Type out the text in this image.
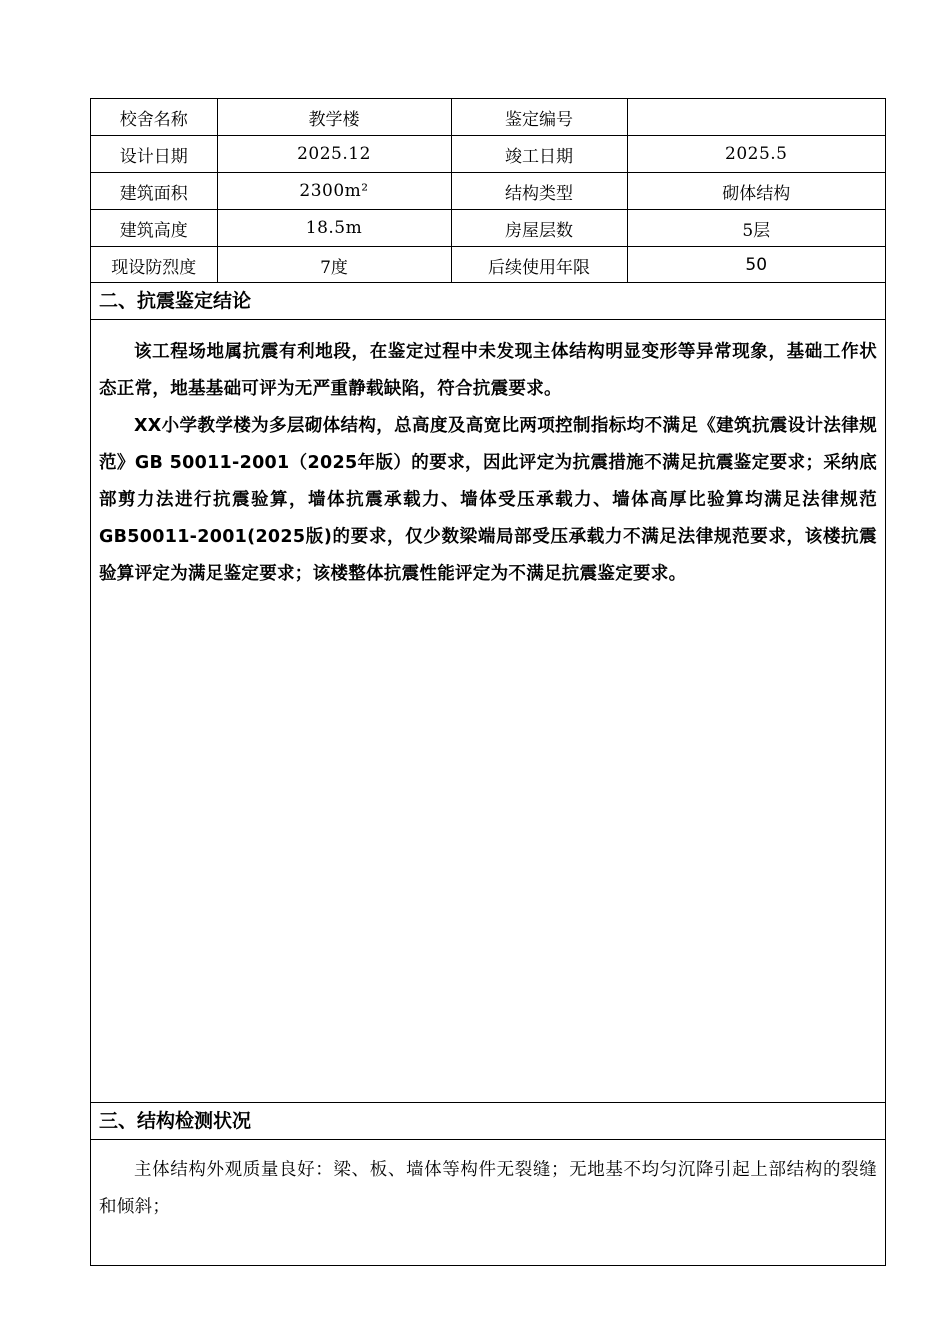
校舍名称	教学楼	鉴定编号	
设计日期	2025.12	竣工日期	2025.5
建筑面积	2300m²	结构类型	砌体结构
建筑高度	18.5m	房屋层数	5层
现设防烈度	7度	后续使用年限	50
二、抗震鉴定结论

该工程场地属抗震有利地段，在鉴定过程中未发现主体结构明显变形等异常现象，基础工作状态正常，地基基础可评为无严重静载缺陷，符合抗震要求。

XX小学教学楼为多层砌体结构，总高度及高宽比两项控制指标均不满足《建筑抗震设计法律规范》GB 50011-2001（2025年版）的要求，因此评定为抗震措施不满足抗震鉴定要求；采纳底部剪力法进行抗震验算，墙体抗震承载力、墙体受压承载力、墙体高厚比验算均满足法律规范GB50011-2001(2025版)的要求，仅少数梁端局部受压承载力不满足法律规范要求，该楼抗震验算评定为满足鉴定要求；该楼整体抗震性能评定为不满足抗震鉴定要求。

三、结构检测状况

主体结构外观质量良好：梁、板、墙体等构件无裂缝；无地基不均匀沉降引起上部结构的裂缝和倾斜；
